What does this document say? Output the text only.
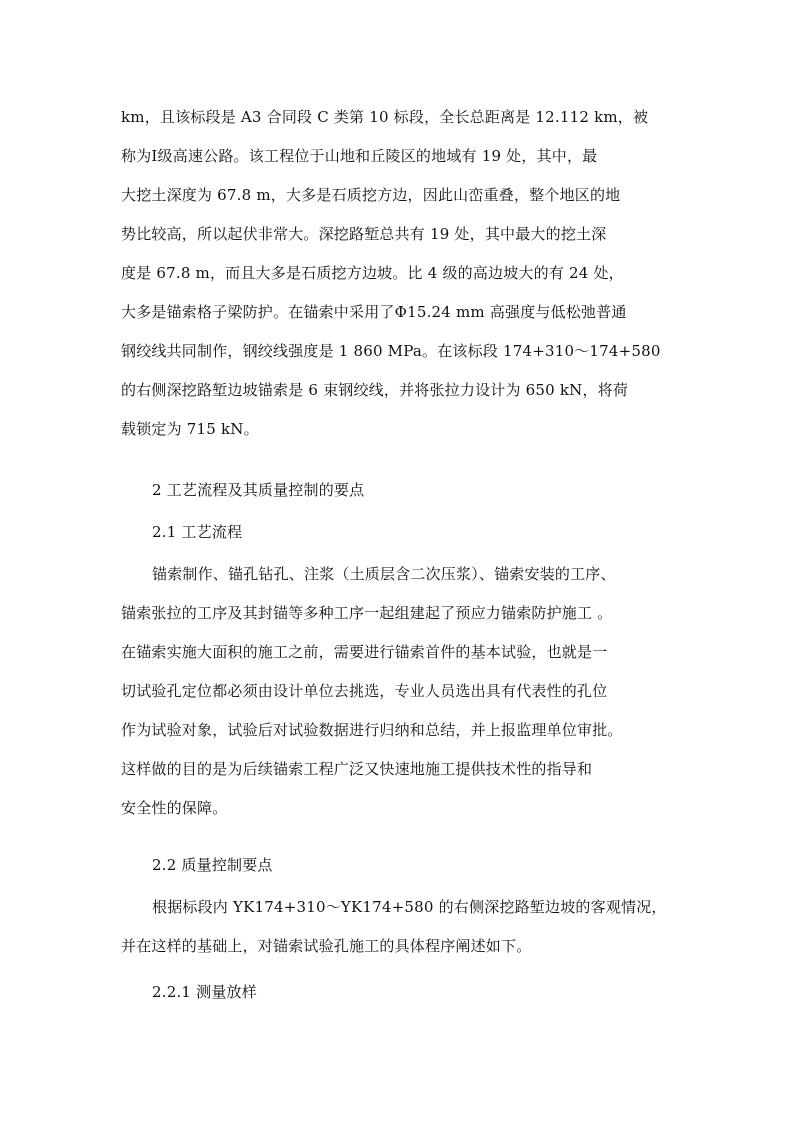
km，且该标段是 A3 合同段 C 类第 10 标段，全长总距离是 12.112 km，被
称为Ⅰ级高速公路。该工程位于山地和丘陵区的地域有 19 处，其中，最
大挖土深度为 67.8 m，大多是石质挖方边，因此山峦重叠，整个地区的地
势比较高，所以起伏非常大。深挖路堑总共有 19 处，其中最大的挖土深
度是 67.8 m，而且大多是石质挖方边坡。比 4 级的高边坡大的有 24 处，
大多是锚索格子梁防护。在锚索中采用了Φ15.24 mm 高强度与低松弛普通
钢绞线共同制作，钢绞线强度是 1 860 MPa。在该标段 174+310～174+580
的右侧深挖路堑边坡锚索是 6 束钢绞线，并将张拉力设计为 650 kN，将荷
载锁定为 715 kN。
2 工艺流程及其质量控制的要点
2.1 工艺流程
锚索制作、锚孔钻孔、注浆（土质层含二次压浆）、锚索安装的工序、
锚索张拉的工序及其封锚等多种工序一起组建起了预应力锚索防护施工 。
在锚索实施大面积的施工之前，需要进行锚索首件的基本试验，也就是一
切试验孔定位都必须由设计单位去挑选，专业人员选出具有代表性的孔位
作为试验对象，试验后对试验数据进行归纳和总结，并上报监理单位审批。
这样做的目的是为后续锚索工程广泛又快速地施工提供技术性的指导和
安全性的保障。
2.2 质量控制要点
根据标段内 YK174+310～YK174+580 的右侧深挖路堑边坡的客观情况，
并在这样的基础上，对锚索试验孔施工的具体程序阐述如下。
2.2.1 测量放样
